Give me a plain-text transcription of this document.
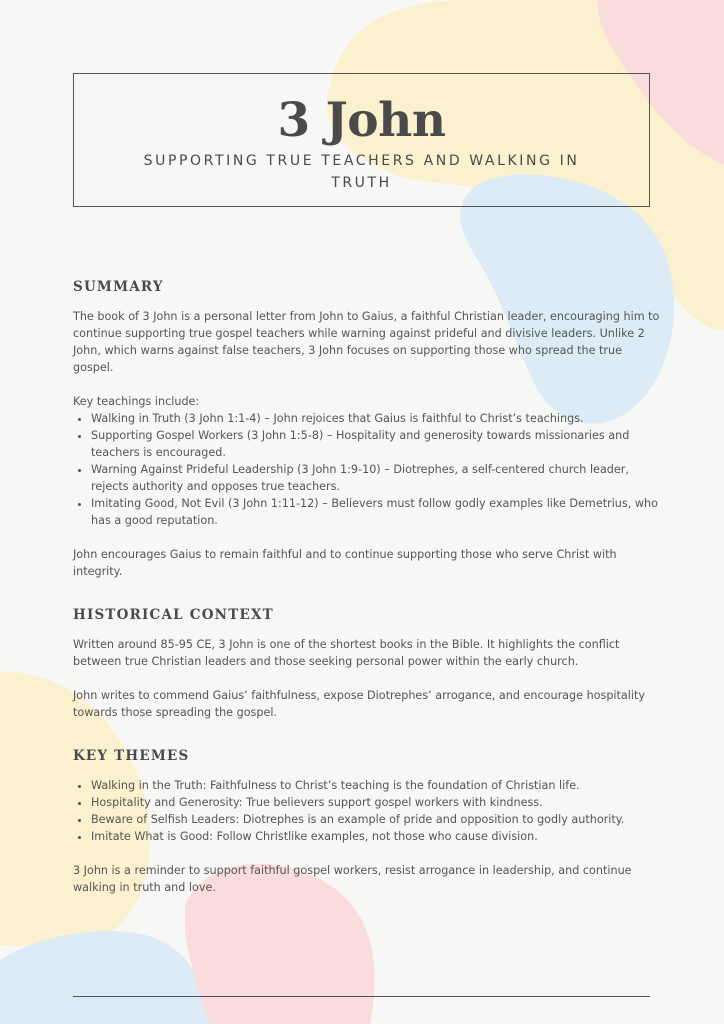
3 John
SUPPORTING TRUE TEACHERS AND WALKING IN TRUTH
SUMMARY

The book of 3 John is a personal letter from John to Gaius, a faithful Christian leader, encouraging him to continue supporting true gospel teachers while warning against prideful and divisive leaders. Unlike 2 John, which warns against false teachers, 3 John focuses on supporting those who spread the true gospel.

Key teachings include:

• Walking in Truth (3 John 1:1-4) – John rejoices that Gaius is faithful to Christ’s teachings.
• Supporting Gospel Workers (3 John 1:5-8) – Hospitality and generosity towards missionaries and teachers is encouraged.
• Warning Against Prideful Leadership (3 John 1:9-10) – Diotrephes, a self-centered church leader, rejects authority and opposes true teachers.
• Imitating Good, Not Evil (3 John 1:11-12) – Believers must follow godly examples like Demetrius, who has a good reputation.

John encourages Gaius to remain faithful and to continue supporting those who serve Christ with integrity.

HISTORICAL CONTEXT

Written around 85-95 CE, 3 John is one of the shortest books in the Bible. It highlights the conflict between true Christian leaders and those seeking personal power within the early church.

John writes to commend Gaius’ faithfulness, expose Diotrephes’ arrogance, and encourage hospitality towards those spreading the gospel.

KEY THEMES
• Walking in the Truth: Faithfulness to Christ’s teaching is the foundation of Christian life.
• Hospitality and Generosity: True believers support gospel workers with kindness.
• Beware of Selfish Leaders: Diotrephes is an example of pride and opposition to godly authority.
• Imitate What is Good: Follow Christlike examples, not those who cause division.

3 John is a reminder to support faithful gospel workers, resist arrogance in leadership, and continue walking in truth and love.
